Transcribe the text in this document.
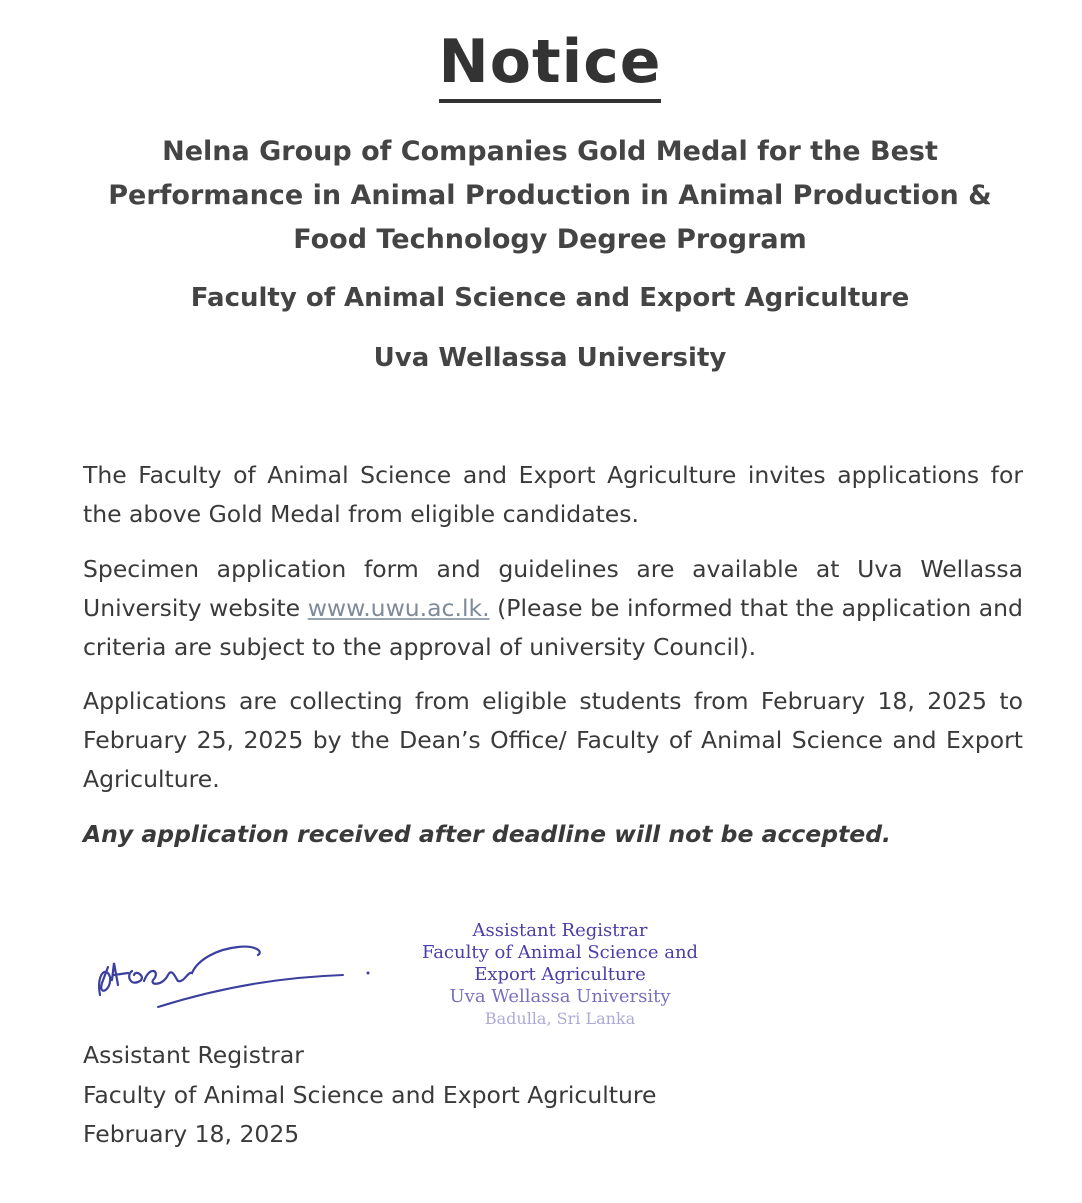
Notice
Nelna Group of Companies Gold Medal for the Best Performance in Animal Production in Animal Production & Food Technology Degree Program
Faculty of Animal Science and Export Agriculture
Uva Wellassa University

The Faculty of Animal Science and Export Agriculture invites applications for the above Gold Medal from eligible candidates.

Specimen application form and guidelines are available at Uva Wellassa University website www.uwu.ac.lk. (Please be informed that the application and criteria are subject to the approval of university Council).

Applications are collecting from eligible students from February 18, 2025 to February 25, 2025 by the Dean’s Office/ Faculty of Animal Science and Export Agriculture.

Any application received after deadline will not be accepted.
Assistant Registrar
Faculty of Animal Science and
Export Agriculture
Uva Wellassa University
Badulla, Sri Lanka
Assistant Registrar
Faculty of Animal Science and Export Agriculture
February 18, 2025
